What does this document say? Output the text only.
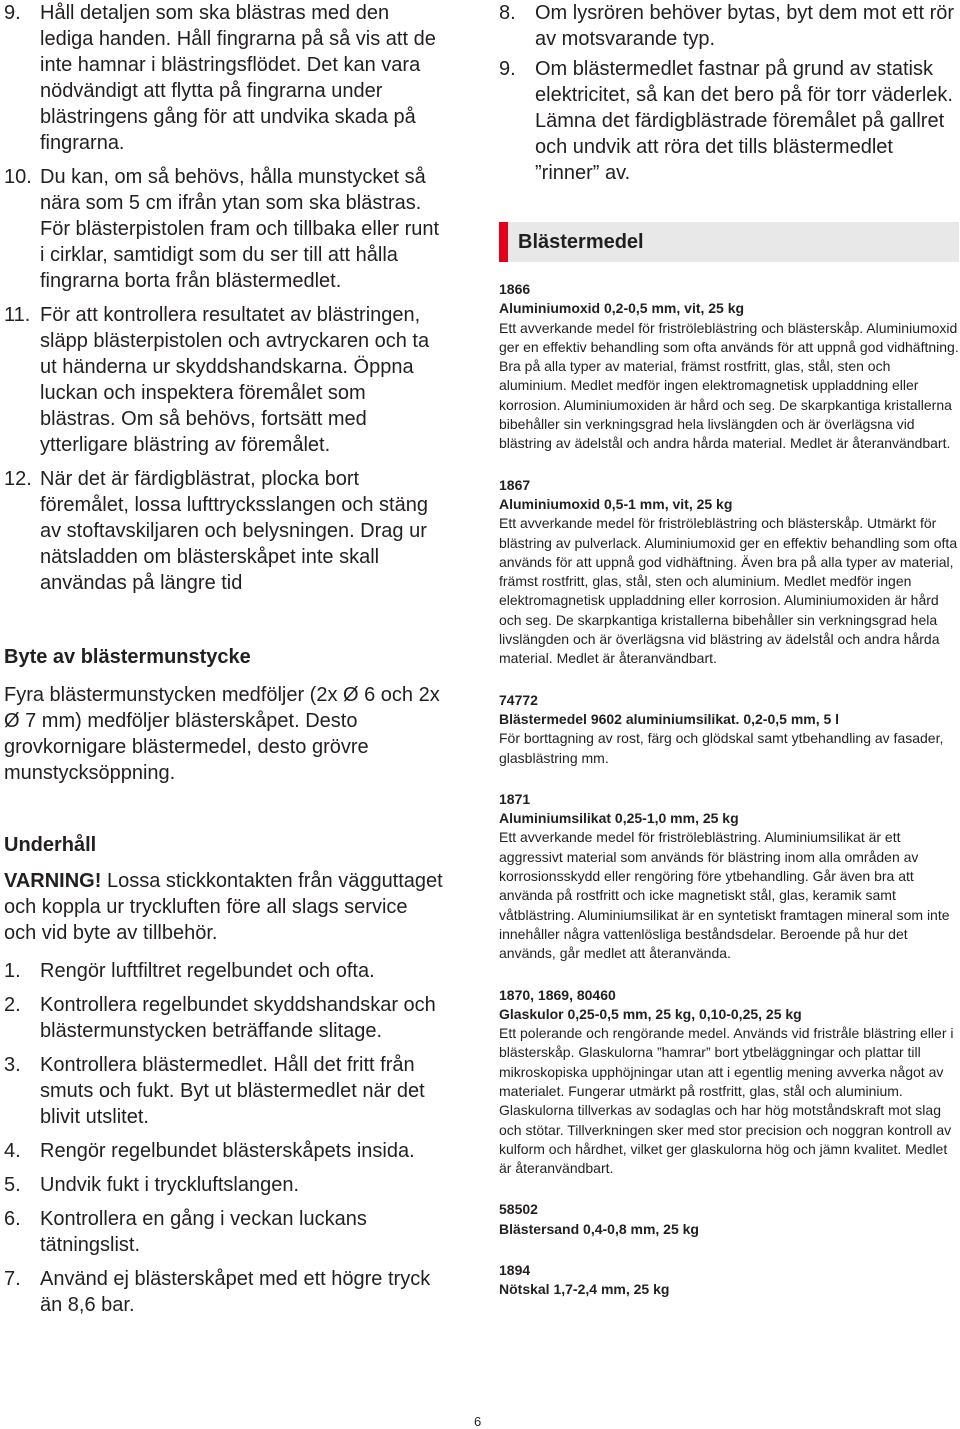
9. Håll detaljen som ska blästras med den lediga handen. Håll fingrarna på så vis att de inte hamnar i blästringsflödet. Det kan vara nödvändigt att flytta på fingrarna under blästringens gång för att undvika skada på fingrarna.
10. Du kan, om så behövs, hålla munstycket så nära som 5 cm ifrån ytan som ska blästras. För blästerpistolen fram och tillbaka eller runt i cirklar, samtidigt som du ser till att hålla fingrarna borta från blästermedlet.
11. För att kontrollera resultatet av blästringen, släpp blästerpistolen och avtryckaren och ta ut händerna ur skyddshandskarna. Öppna luckan och inspektera föremålet som blästras. Om så behövs, fortsätt med ytterligare blästring av föremålet.
12. När det är färdigblästrat, plocka bort föremålet, lossa lufttrycksslangen och stäng av stoftavskiljaren och belysningen. Drag ur nätsladden om blästerskåpet inte skall användas på längre tid

Byte av blästermunstycke

Fyra blästermunstycken medföljer (2x Ø 6 och 2x Ø 7 mm) medföljer blästerskåpet. Desto grovkornigare blästermedel, desto grövre munstycksöppning.

Underhåll

VARNING! Lossa stickkontakten från vägguttaget och koppla ur tryckluften före all slags service och vid byte av tillbehör.

1. Rengör luftfiltret regelbundet och ofta.
2. Kontrollera regelbundet skyddshandskar och blästermunstycken beträffande slitage.
3. Kontrollera blästermedlet. Håll det fritt från smuts och fukt. Byt ut blästermedlet när det blivit utslitet.
4. Rengör regelbundet blästerskåpets insida.
5. Undvik fukt i tryckluftslangen.
6. Kontrollera en gång i veckan luckans tätningslist.
7. Använd ej blästerskåpet med ett högre tryck än 8,6 bar.
8. Om lysrören behöver bytas, byt dem mot ett rör av motsvarande typ.
9. Om blästermedlet fastnar på grund av statisk elektricitet, så kan det bero på för torr väderlek. Lämna det färdigblästrade föremålet på gallret och undvik att röra det tills blästermedlet ”rinner” av.
Blästermedel
1866
Aluminiumoxid 0,2-0,5 mm, vit, 25 kg
Ett avverkande medel för friströleblästring och blästerskåp. Aluminiumoxid ger en effektiv behandling som ofta används för att uppnå god vidhäftning. Bra på alla typer av material, främst rostfritt, glas, stål, sten och aluminium. Medlet medför ingen elektromagnetisk uppladdning eller korrosion. Aluminiumoxiden är hård och seg. De skarpkantiga kristallerna bibehåller sin verkningsgrad hela livslängden och är överlägsna vid blästring av ädelstål och andra hårda material. Medlet är återanvändbart.
1867
Aluminiumoxid 0,5-1 mm, vit, 25 kg
Ett avverkande medel för friströleblästring och blästerskåp. Utmärkt för blästring av pulverlack. Aluminiumoxid ger en effektiv behandling som ofta används för att uppnå god vidhäftning. Även bra på alla typer av material, främst rostfritt, glas, stål, sten och aluminium. Medlet medför ingen elektromagnetisk uppladdning eller korrosion. Aluminiumoxiden är hård och seg. De skarpkantiga kristallerna bibehåller sin verkningsgrad hela livslängden och är överlägsna vid blästring av ädelstål och andra hårda material. Medlet är återanvändbart.
74772
Blästermedel 9602 aluminiumsilikat. 0,2-0,5 mm, 5 l
För borttagning av rost, färg och glödskal samt ytbehandling av fasader, glasblästring mm.
1871
Aluminiumsilikat 0,25-1,0 mm, 25 kg
Ett avverkande medel för friströleblästring. Aluminiumsilikat är ett aggressivt material som används för blästring inom alla områden av korrosionsskydd eller rengöring före ytbehandling. Går även bra att använda på rostfritt och icke magnetiskt stål, glas, keramik samt våtblästring. Aluminiumsilikat är en syntetiskt framtagen mineral som inte innehåller några vattenlösliga beståndsdelar. Beroende på hur det används, går medlet att återanvända.
1870, 1869, 80460
Glaskulor 0,25-0,5 mm, 25 kg, 0,10-0,25, 25 kg
Ett polerande och rengörande medel. Används vid fristråle blästring eller i blästerskåp. Glaskulorna ”hamrar” bort ytbeläggningar och plattar till mikroskopiska upphöjningar utan att i egentlig mening avverka något av materialet. Fungerar utmärkt på rostfritt, glas, stål och aluminium. Glaskulorna tillverkas av sodaglas och har hög motståndskraft mot slag och stötar. Tillverkningen sker med stor precision och noggran kontroll av kulform och hårdhet, vilket ger glaskulorna hög och jämn kvalitet. Medlet är återanvändbart.
58502
Blästersand 0,4-0,8 mm, 25 kg
1894
Nötskal 1,7-2,4 mm, 25 kg
6
